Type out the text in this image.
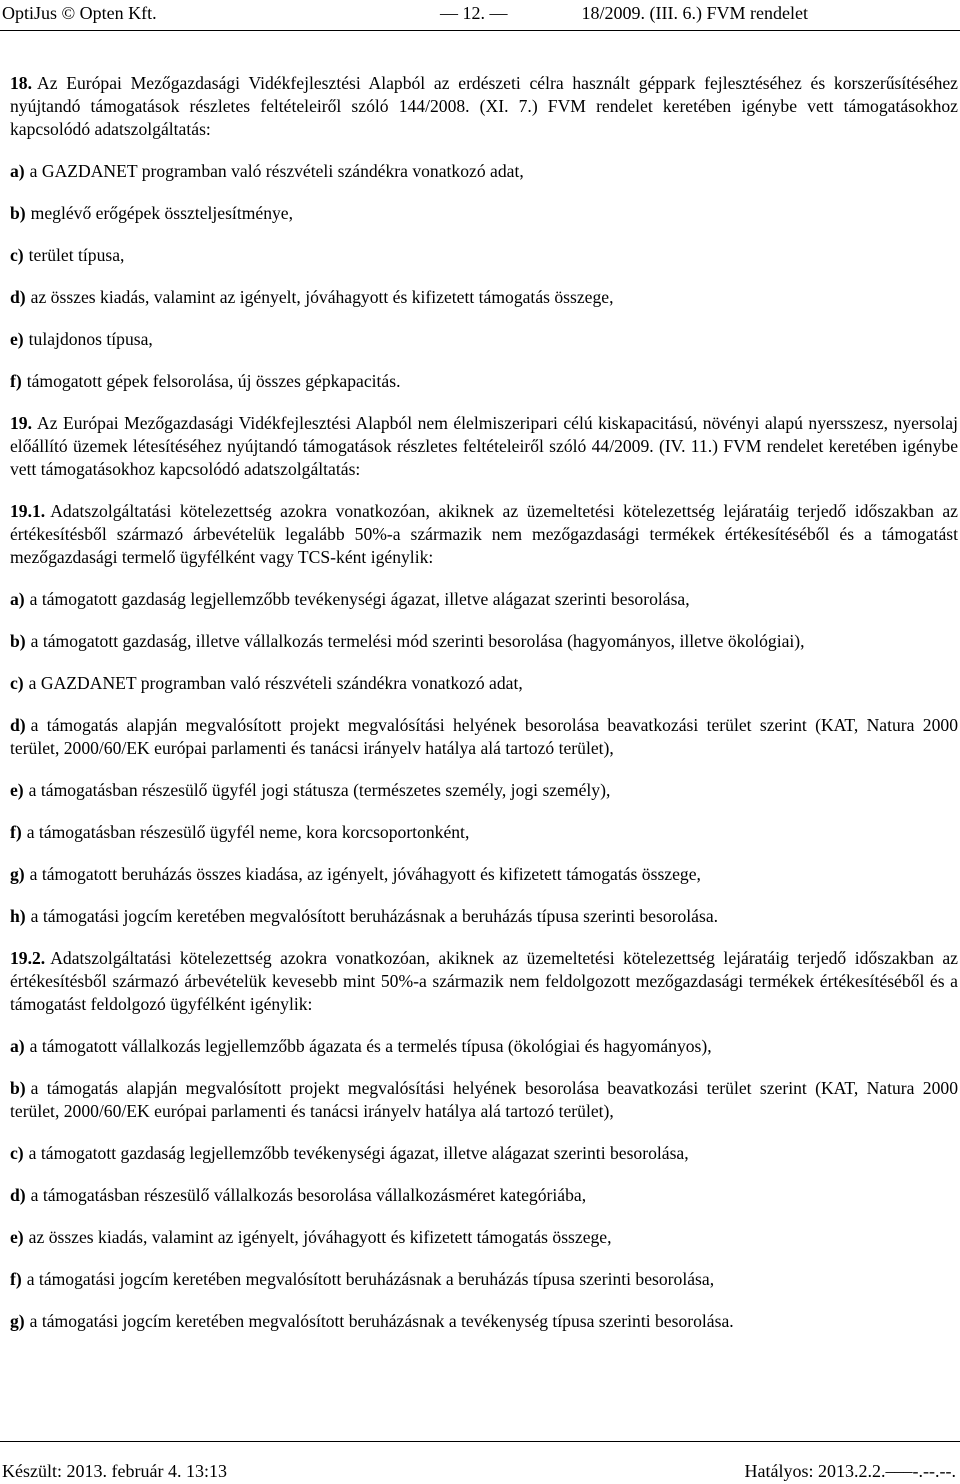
OptiJus © Opten Kft.	— 12. —	18/2009. (III. 6.) FVM rendelet

18. Az Európai Mezőgazdasági Vidékfejlesztési Alapból az erdészeti célra használt géppark fejlesztéséhez és korszerűsítéséhez nyújtandó támogatások részletes feltételeiről szóló 144/2008. (XI. 7.) FVM rendelet keretében igénybe vett támogatásokhoz kapcsolódó adatszolgáltatás:

a) a GAZDANET programban való részvételi szándékra vonatkozó adat,

b) meglévő erőgépek összteljesítménye,

c) terület típusa,

d) az összes kiadás, valamint az igényelt, jóváhagyott és kifizetett támogatás összege,

e) tulajdonos típusa,

f) támogatott gépek felsorolása, új összes gépkapacitás.

19. Az Európai Mezőgazdasági Vidékfejlesztési Alapból nem élelmiszeripari célú kiskapacitású, növényi alapú nyersszesz, nyersolaj előállító üzemek létesítéséhez nyújtandó támogatások részletes feltételeiről szóló 44/2009. (IV. 11.) FVM rendelet keretében igénybe vett támogatásokhoz kapcsolódó adatszolgáltatás:

19.1. Adatszolgáltatási kötelezettség azokra vonatkozóan, akiknek az üzemeltetési kötelezettség lejáratáig terjedő időszakban az értékesítésből származó árbevételük legalább 50%-a származik nem mezőgazdasági termékek értékesítéséből és a támogatást mezőgazdasági termelő ügyfélként vagy TCS-ként igénylik:

a) a támogatott gazdaság legjellemzőbb tevékenységi ágazat, illetve alágazat szerinti besorolása,

b) a támogatott gazdaság, illetve vállalkozás termelési mód szerinti besorolása (hagyományos, illetve ökológiai),

c) a GAZDANET programban való részvételi szándékra vonatkozó adat,

d) a támogatás alapján megvalósított projekt megvalósítási helyének besorolása beavatkozási terület szerint (KAT, Natura 2000 terület, 2000/60/EK európai parlamenti és tanácsi irányelv hatálya alá tartozó terület),

e) a támogatásban részesülő ügyfél jogi státusza (természetes személy, jogi személy),

f) a támogatásban részesülő ügyfél neme, kora korcsoportonként,

g) a támogatott beruházás összes kiadása, az igényelt, jóváhagyott és kifizetett támogatás összege,

h) a támogatási jogcím keretében megvalósított beruházásnak a beruházás típusa szerinti besorolása.

19.2. Adatszolgáltatási kötelezettség azokra vonatkozóan, akiknek az üzemeltetési kötelezettség lejáratáig terjedő időszakban az értékesítésből származó árbevételük kevesebb mint 50%-a származik nem feldolgozott mezőgazdasági termékek értékesítéséből és a támogatást feldolgozó ügyfélként igénylik:

a) a támogatott vállalkozás legjellemzőbb ágazata és a termelés típusa (ökológiai és hagyományos),

b) a támogatás alapján megvalósított projekt megvalósítási helyének besorolása beavatkozási terület szerint (KAT, Natura 2000 terület, 2000/60/EK európai parlamenti és tanácsi irányelv hatálya alá tartozó terület),

c) a támogatott gazdaság legjellemzőbb tevékenységi ágazat, illetve alágazat szerinti besorolása,

d) a támogatásban részesülő vállalkozás besorolása vállalkozásméret kategóriába,

e) az összes kiadás, valamint az igényelt, jóváhagyott és kifizetett támogatás összege,

f) a támogatási jogcím keretében megvalósított beruházásnak a beruházás típusa szerinti besorolása,

g) a támogatási jogcím keretében megvalósított beruházásnak a tevékenység típusa szerinti besorolása.

Készült: 2013. február 4. 13:13	Hatályos: 2013.2.2.–––-.--.--.
